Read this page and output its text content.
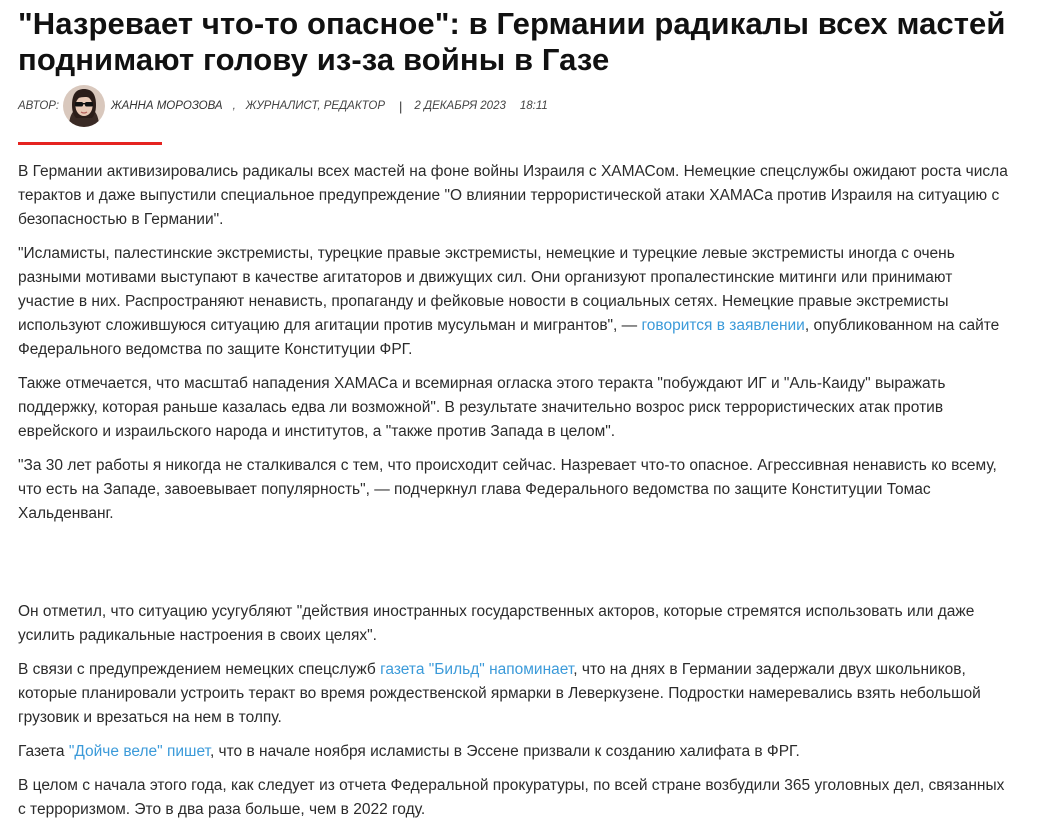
"Назревает что-то опасное": в Германии радикалы всех мастей поднимают голову из-за войны в Газе
АВТОР:	ЖАННА МОРОЗОВА , ЖУРНАЛИСТ, РЕДАКТОР | 2 ДЕКАБРЯ 2023 18:11

В Германии активизировались радикалы всех мастей на фоне войны Израиля с ХАМАСом. Немецкие спецслужбы ожидают роста числа терактов и даже выпустили специальное предупреждение "О влиянии террористической атаки ХАМАСа против Израиля на ситуацию с безопасностью в Германии".

"Исламисты, палестинские экстремисты, турецкие правые экстремисты, немецкие и турецкие левые экстремисты иногда с очень разными мотивами выступают в качестве агитаторов и движущих сил. Они организуют пропалестинские митинги или принимают участие в них. Распространяют ненависть, пропаганду и фейковые новости в социальных сетях. Немецкие правые экстремисты используют сложившуюся ситуацию для агитации против мусульман и мигрантов", — говорится в заявлении, опубликованном на сайте Федерального ведомства по защите Конституции ФРГ.

Также отмечается, что масштаб нападения ХАМАСа и всемирная огласка этого теракта "побуждают ИГ и "Аль-Каиду" выражать поддержку, которая раньше казалась едва ли возможной". В результате значительно возрос риск террористических атак против еврейского и израильского народа и институтов, а "также против Запада в целом".

"За 30 лет работы я никогда не сталкивался с тем, что происходит сейчас. Назревает что-то опасное. Агрессивная ненависть ко всему, что есть на Западе, завоевывает популярность", — подчеркнул глава Федерального ведомства по защите Конституции Томас Хальденванг.

Он отметил, что ситуацию усугубляют "действия иностранных государственных акторов, которые стремятся использовать или даже усилить радикальные настроения в своих целях".

В связи с предупреждением немецких спецслужб газета "Бильд" напоминает, что на днях в Германии задержали двух школьников, которые планировали устроить теракт во время рождественской ярмарки в Леверкузене. Подростки намеревались взять небольшой грузовик и врезаться на нем в толпу.

Газета "Дойче веле" пишет, что в начале ноября исламисты в Эссене призвали к созданию халифата в ФРГ.

В целом с начала этого года, как следует из отчета Федеральной прокуратуры, по всей стране возбудили 365 уголовных дел, связанных с терроризмом. Это в два раза больше, чем в 2022 году.
